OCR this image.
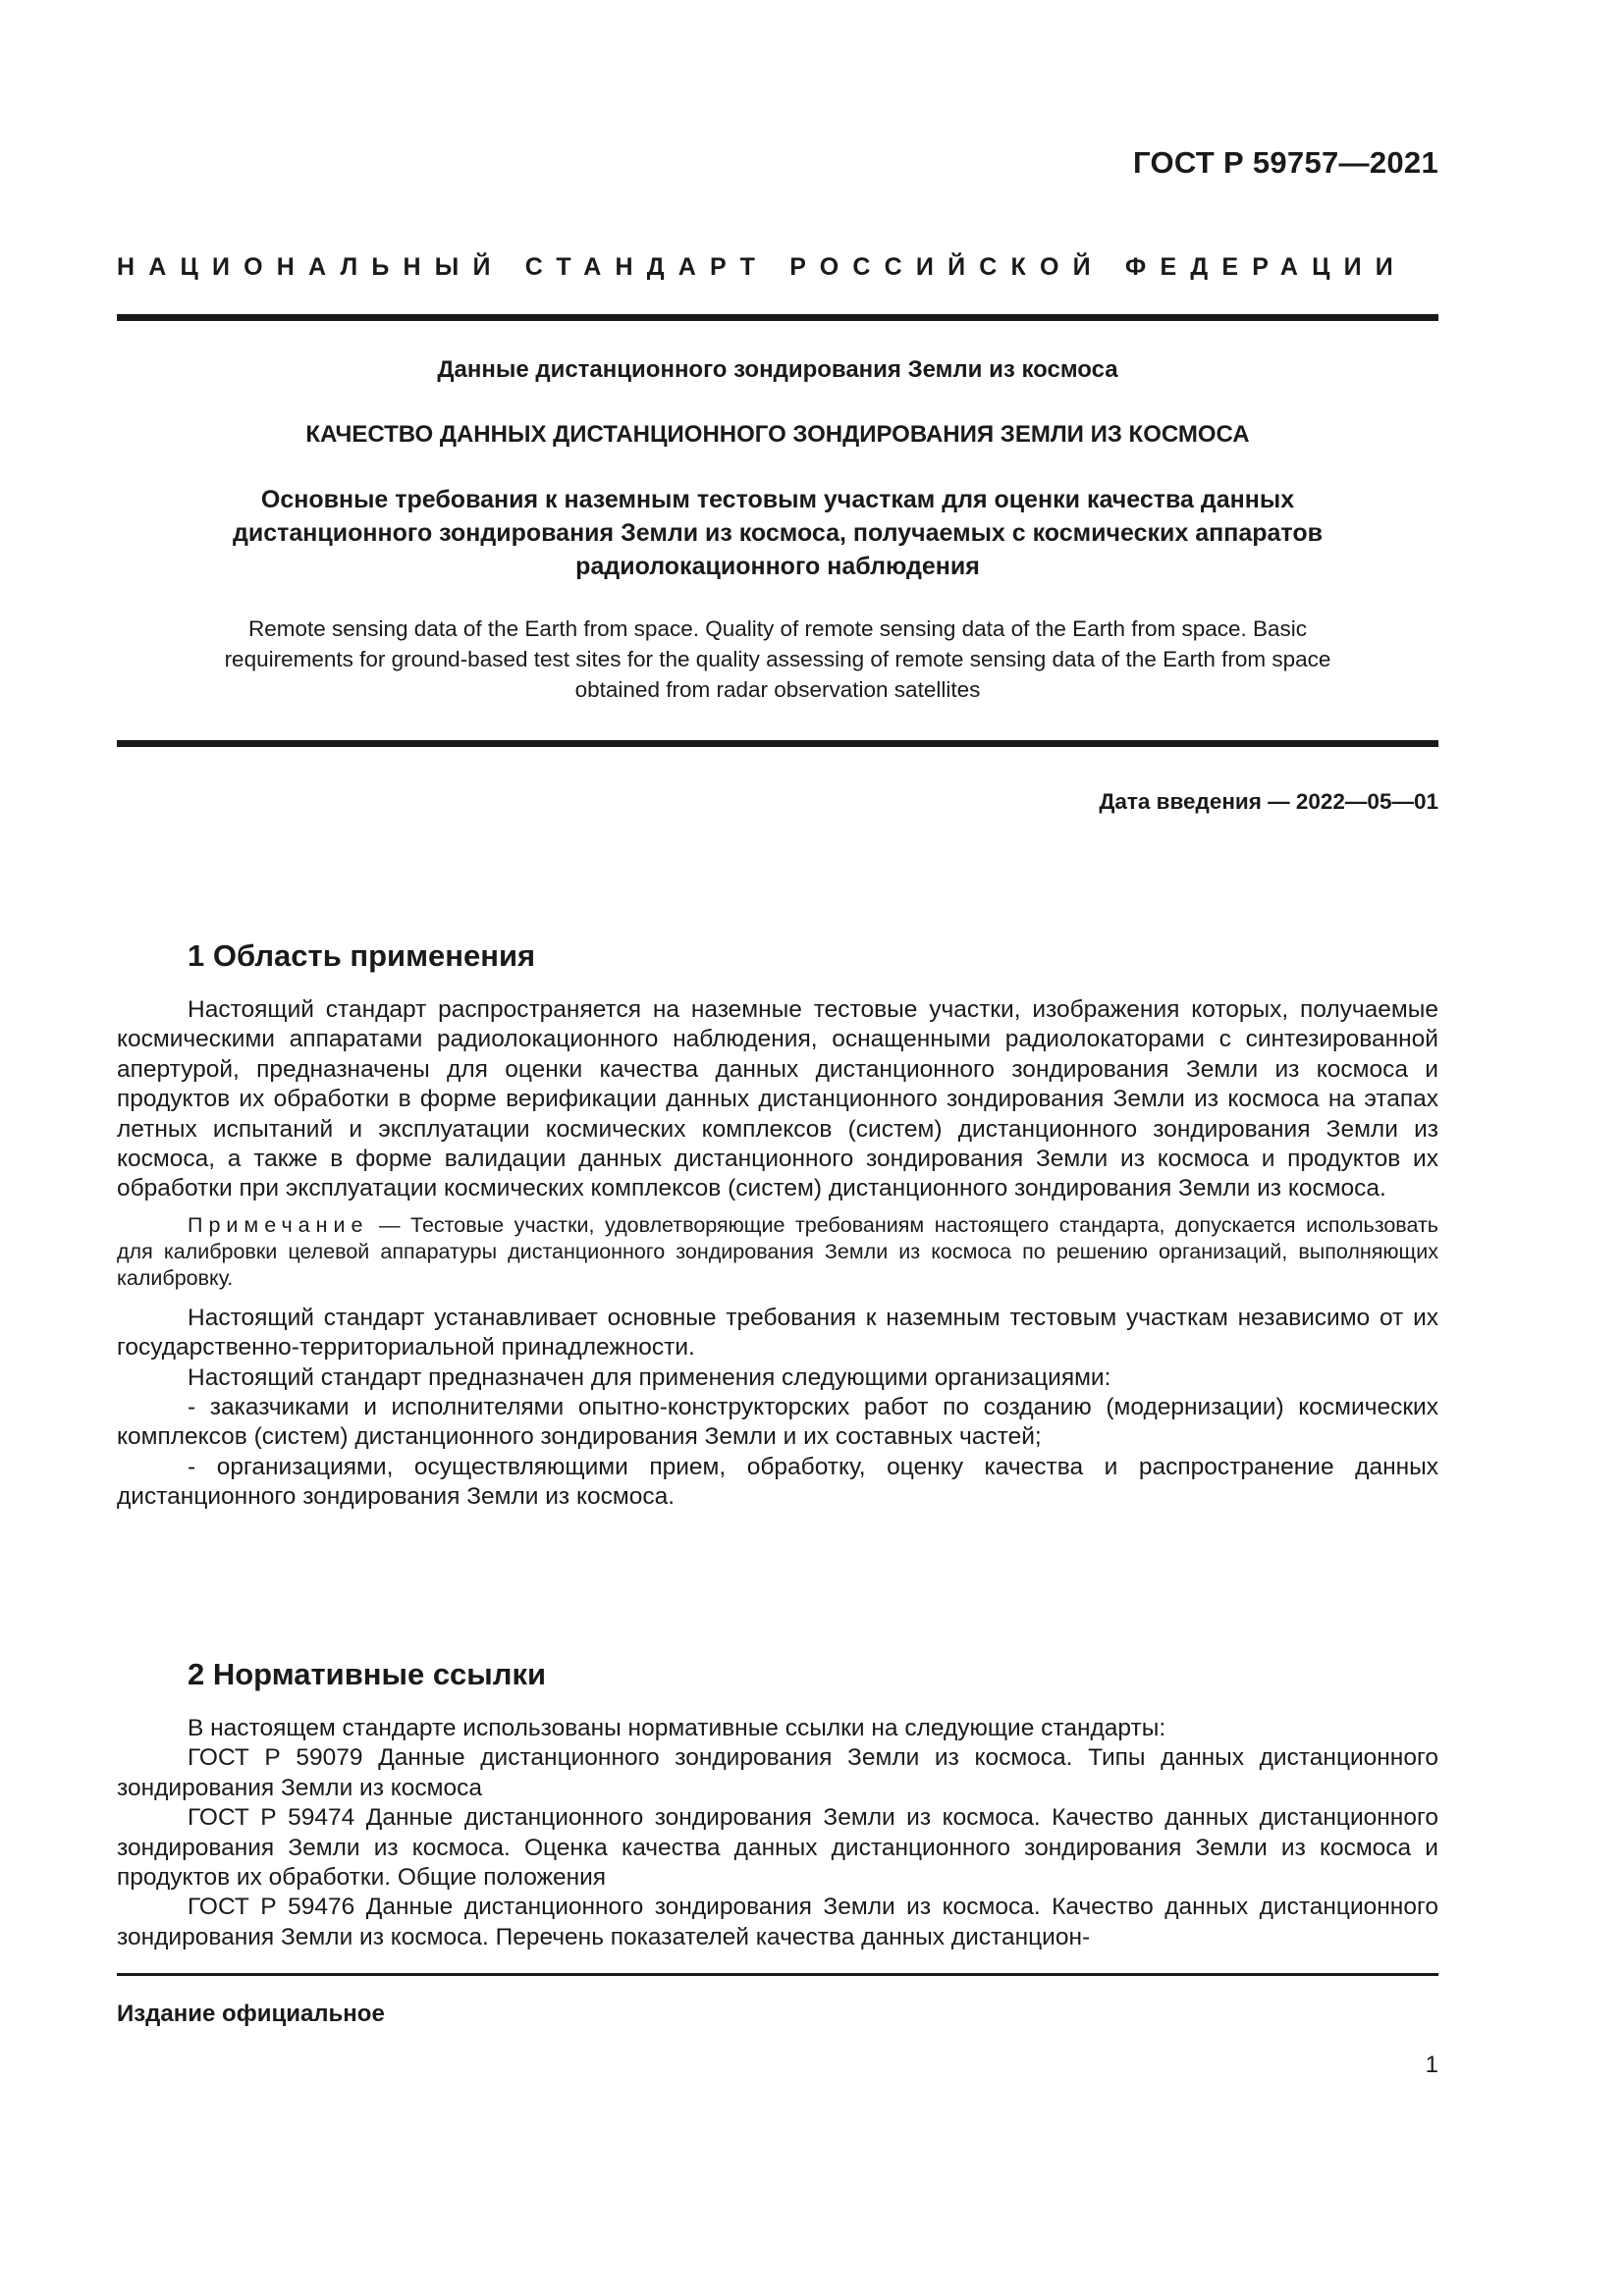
ГОСТ Р 59757—2021
НАЦИОНАЛЬНЫЙ СТАНДАРТ РОССИЙСКОЙ ФЕДЕРАЦИИ
Данные дистанционного зондирования Земли из космоса
КАЧЕСТВО ДАННЫХ ДИСТАНЦИОННОГО ЗОНДИРОВАНИЯ ЗЕМЛИ ИЗ КОСМОСА
Основные требования к наземным тестовым участкам для оценки качества данных
дистанционного зондирования Земли из космоса, получаемых с космических аппаратов
радиолокационного наблюдения
Remote sensing data of the Earth from space. Quality of remote sensing data of the Earth from space. Basic
requirements for ground-based test sites for the quality assessing of remote sensing data of the Earth from space
obtained from radar observation satellites
Дата введения — 2022—05—01
1 Область применения

Настоящий стандарт распространяется на наземные тестовые участки, изображения которых, получаемые космическими аппаратами радиолокационного наблюдения, оснащенными радиолокаторами с синтезированной апертурой, предназначены для оценки качества данных дистанционного зондирования Земли из космоса и продуктов их обработки в форме верификации данных дистанционного зондирования Земли из космоса на этапах летных испытаний и эксплуатации космических комплексов (систем) дистанционного зондирования Земли из космоса, а также в форме валидации данных дистанционного зондирования Земли из космоса и продуктов их обработки при эксплуатации космических комплексов (систем) дистанционного зондирования Земли из космоса.

Примечание — Тестовые участки, удовлетворяющие требованиям настоящего стандарта, допускается использовать для калибровки целевой аппаратуры дистанционного зондирования Земли из космоса по решению организаций, выполняющих калибровку.

Настоящий стандарт устанавливает основные требования к наземным тестовым участкам независимо от их государственно-территориальной принадлежности.

Настоящий стандарт предназначен для применения следующими организациями:

- заказчиками и исполнителями опытно-конструкторских работ по созданию (модернизации) космических комплексов (систем) дистанционного зондирования Земли и их составных частей;

- организациями, осуществляющими прием, обработку, оценку качества и распространение данных дистанционного зондирования Земли из космоса.

2 Нормативные ссылки

В настоящем стандарте использованы нормативные ссылки на следующие стандарты:

ГОСТ Р 59079 Данные дистанционного зондирования Земли из космоса. Типы данных дистанционного зондирования Земли из космоса

ГОСТ Р 59474 Данные дистанционного зондирования Земли из космоса. Качество данных дистанционного зондирования Земли из космоса. Оценка качества данных дистанционного зондирования Земли из космоса и продуктов их обработки. Общие положения

ГОСТ Р 59476 Данные дистанционного зондирования Земли из космоса. Качество данных дистанционного зондирования Земли из космоса. Перечень показателей качества данных дистанцион-

Издание официальное
1
